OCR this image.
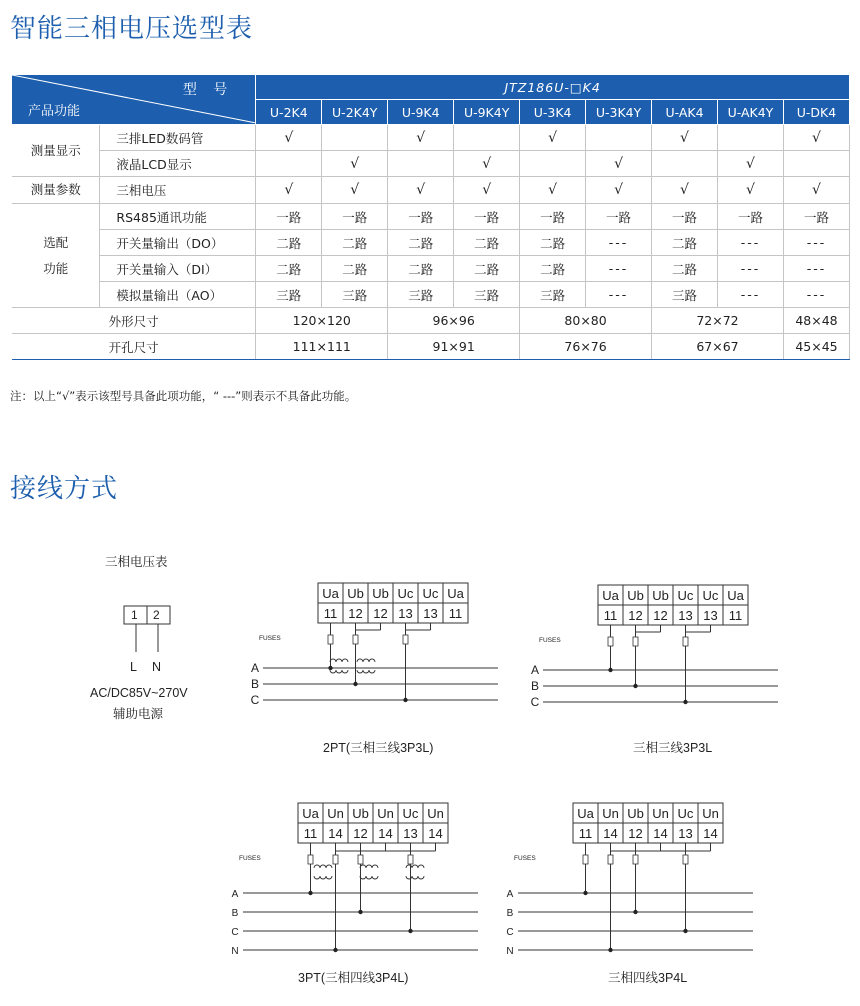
智能三相电压选型表
型 号
产品功能		JTZ186U-□K4								
		U-2K4	U-2K4Y	U-9K4	U-9K4Y	U-3K4	U-3K4Y	U-AK4	U-AK4Y	U-DK4
测量显示	三排LED数码管	√		√		√		√		√
	液晶LCD显示		√		√		√		√	
测量参数	三相电压	√	√	√	√	√	√	√	√	√
选配
功能	RS485通讯功能	一路	一路	一路	一路	一路	一路	一路	一路	一路
	开关量输出（DO）	二路	二路	二路	二路	二路	---	二路	---	---
	开关量输入（DI）	二路	二路	二路	二路	二路	---	二路	---	---
	模拟量输出（AO）	三路	三路	三路	三路	三路	---	三路	---	---
外形尺寸		120×120		96×96		80×80		72×72		48×48
开孔尺寸		111×111		91×91		76×76		67×67		45×45
注：以上“√”表示该型号具备此项功能，“ ---”则表示不具备此功能。
接线方式
三相电压表
Ua Ub Ub Uc Uc Ua
11 12 12 13 13 11
A
B
C
FUSES
Ua Ub Ub Uc Uc Ua
11 12 12 13 13 11
A
B
C
FUSES
Ua Un Ub Un Uc Un
11 14 12 14 13 14
A
B
C
N
FUSES
Ua Un Ub Un Uc Un
11 14 12 14 13 14
A
B
C
N
FUSES
1 2
L N
AC/DC85V~270V
辅助电源
2PT(三相三线3P3L)	三相三线3P3L
3PT(三相四线3P4L)	三相四线3P4L
